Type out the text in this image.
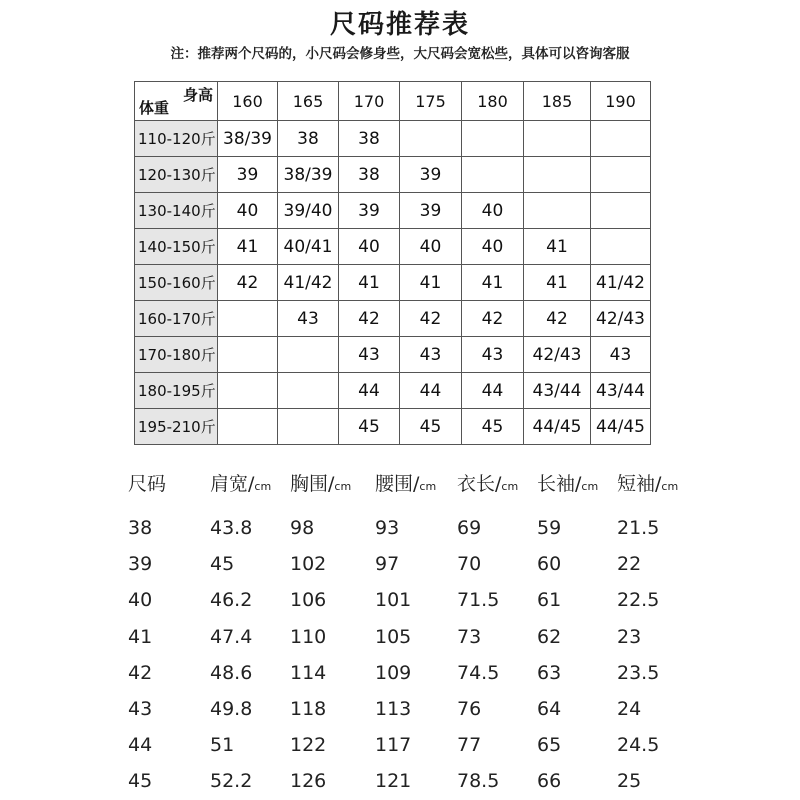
尺码推荐表
注：推荐两个尺码的，小尺码会修身些，大尺码会宽松些，具体可以咨询客服
身高
体重	160	165	170	175	180	185	190
110-120斤	38/39	38	38				
120-130斤	39	38/39	38	39			
130-140斤	40	39/40	39	39	40		
140-150斤	41	40/41	40	40	40	41	
150-160斤	42	41/42	41	41	41	41	41/42
160-170斤		43	42	42	42	42	42/43
170-180斤			43	43	43	42/43	43
180-195斤			44	44	44	43/44	43/44
195-210斤			45	45	45	44/45	44/45
尺码	肩宽/cm	胸围/cm	腰围/cm	衣长/cm	长袖/cm	短袖/cm

38	43.8	98	93	69	59	21.5
39	45	102	97	70	60	22
40	46.2	106	101	71.5	61	22.5
41	47.4	110	105	73	62	23
42	48.6	114	109	74.5	63	23.5
43	49.8	118	113	76	64	24
44	51	122	117	77	65	24.5
45	52.2	126	121	78.5	66	25
